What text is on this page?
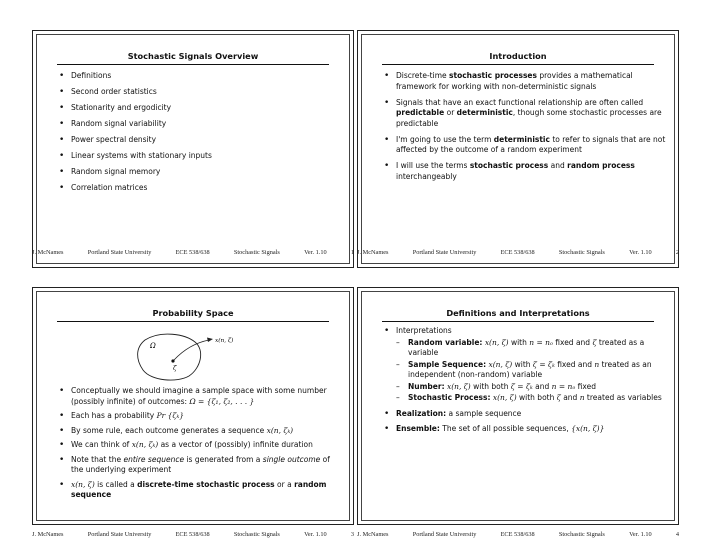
Stochastic Signals Overview
• Definitions
• Second order statistics
• Stationarity and ergodicity
• Random signal variability
• Power spectral density
• Linear systems with stationary inputs
• Random signal memory
• Correlation matrices
Introduction
• Discrete-time stochastic processes provides a mathematical framework for working with non-deterministic signals
• Signals that have an exact functional relationship are often called predictable or deterministic, though some stochastic processes are predictable
• I'm going to use the term deterministic to refer to signals that are not affected by the outcome of a random experiment
• I will use the terms stochastic process and random process interchangeably
Probability Space
Ω
ζ
x(n, ζ)
• Conceptually we should imagine a sample space with some number (possibly infinite) of outcomes: Ω = {ζ₁, ζ₂, . . . }
• Each has a probability Pr {ζₖ}
• By some rule, each outcome generates a sequence x(n, ζₖ)
• We can think of x(n, ζₖ) as a vector of (possibly) infinite duration
• Note that the entire sequence is generated from a single outcome of the underlying experiment
• x(n, ζ) is called a discrete-time stochastic process or a random sequence
Definitions and Interpretations
• Interpretations
– Random variable: x(n, ζ) with n = nₒ fixed and ζ treated as a variable
– Sample Sequence: x(n, ζ) with ζ = ζₖ fixed and n treated as an independent (non-random) variable
– Number: x(n, ζ) with both ζ = ζₖ and n = nₒ fixed
– Stochastic Process: x(n, ζ) with both ζ and n treated as variables
• Realization: a sample sequence
• Ensemble: The set of all possible sequences, {x(n, ζ)}
J. McNames	Portland State University	ECE 538/638	Stochastic Signals	Ver. 1.10	1 J. McNames	Portland State University	ECE 538/638	Stochastic Signals	Ver. 1.10	2
J. McNames	Portland State University	ECE 538/638	Stochastic Signals	Ver. 1.10	3 J. McNames	Portland State University	ECE 538/638	Stochastic Signals	Ver. 1.10	4
